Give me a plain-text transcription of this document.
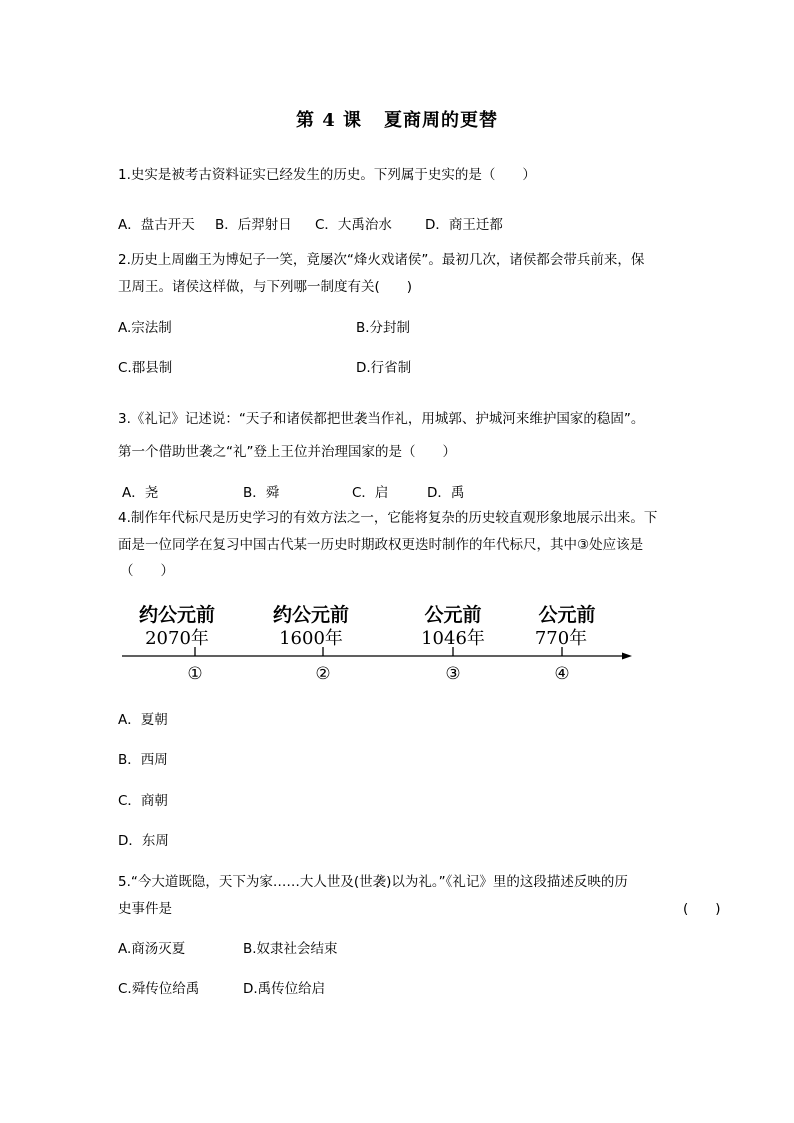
第 4 课 夏商周的更替
1.史实是被考古资料证实已经发生的历史。下列属于史实的是（　　）
A．盘古开天 B．后羿射日 C．大禹治水 D．商王迁都
2.历史上周幽王为博妃子一笑，竟屡次“烽火戏诸侯”。最初几次，诸侯都会带兵前来，保
卫周王。诸侯这样做，与下列哪一制度有关(　　)
A.宗法制	B.分封制
C.郡县制	D.行省制
3.《礼记》记述说：“天子和诸侯都把世袭当作礼，用城郭、护城河来维护国家的稳固”。
第一个借助世袭之“礼”登上王位并治理国家的是（　　）
A．尧	B．舜	C．启	D．禹
4.制作年代标尺是历史学习的有效方法之一，它能将复杂的历史较直观形象地展示出来。下
面是一位同学在复习中国古代某一历史时期政权更迭时制作的年代标尺，其中③处应该是
（　　）
约公元前
2070年
①
约公元前
1600年
②
公元前
1046年
③
公元前
770年
④
A．夏朝
B．西周
C．商朝
D．东周
5.“今大道既隐，天下为家……大人世及(世袭)以为礼。”《礼记》里的这段描述反映的历
史事件是	(　　)
A.商汤灭夏	B.奴隶社会结束
C.舜传位给禹	D.禹传位给启
